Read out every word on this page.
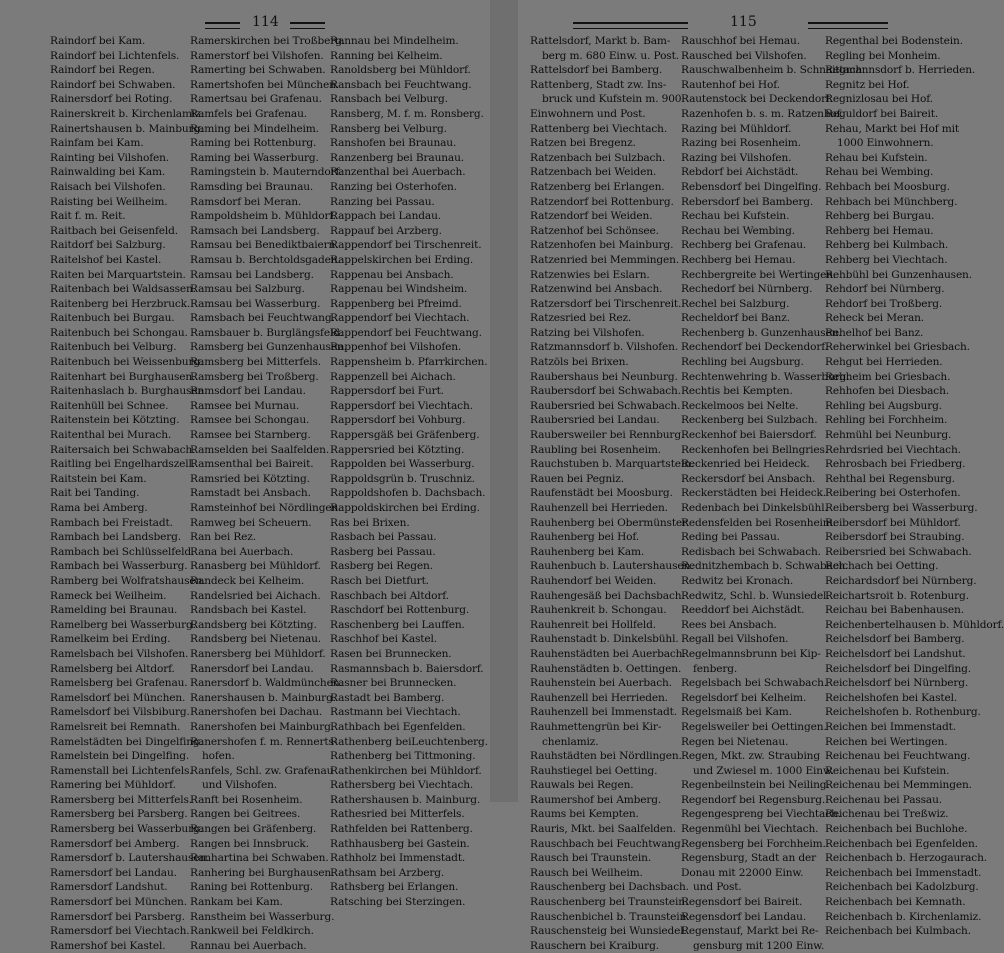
114
Raindorf bei Kam.
Raindorf bei Lichtenfels.
Raindorf bei Regen.
Raindorf bei Schwaben.
Rainersdorf bei Roting.
Rainerskreit b. Kirchenlamiz.
Rainertshausen b. Mainburg.
Rainfam bei Kam.
Rainting bei Vilshofen.
Rainwalding bei Kam.
Raisach bei Vilshofen.
Raisting bei Weilheim.
Rait f. m. Reit.
Raitbach bei Geisenfeld.
Raitdorf bei Salzburg.
Raitelshof bei Kastel.
Raiten bei Marquartstein.
Raitenbach bei Waldsassen.
Raitenberg bei Herzbruck.
Raitenbuch bei Burgau.
Raitenbuch bei Schongau.
Raitenbuch bei Velburg.
Raitenbuch bei Weissenburg.
Raitenhart bei Burghausen.
Raitenhaslach b. Burghausen.
Raitenhüll bei Schnee.
Raitenstein bei Kötzting.
Raitenthal bei Murach.
Raitersaich bei Schwabach.
Raitling bei Engelhardszell.
Raitstein bei Kam.
Rait bei Tanding.
Rama bei Amberg.
Rambach bei Freistadt.
Rambach bei Landsberg.
Rambach bei Schlüsselfeld.
Rambach bei Wasserburg.
Ramberg bei Wolfratshausen.
Rameck bei Weilheim.
Ramelding bei Braunau.
Ramelberg bei Wasserburg.
Ramelkeim bei Erding.
Ramelsbach bei Vilshofen.
Ramelsberg bei Altdorf.
Ramelsberg bei Grafenau.
Ramelsdorf bei München.
Ramelsdorf bei Vilsbiburg.
Ramelsreit bei Remnath.
Ramelstädten bei Dingelfing.
Ramelstein bei Dingelfing.
Ramenstall bei Lichtenfels.
Ramering bei Mühldorf.
Ramersberg bei Mitterfels.
Ramersberg bei Parsberg.
Ramersberg bei Wasserburg.
Ramersdorf bei Amberg.
Ramersdorf b. Lautershausen.
Ramersdorf bei Landau.
Ramersdorf Landshut.
Ramersdorf bei München.
Ramersdorf bei Parsberg.
Ramersdorf bei Viechtach.
Ramershof bei Kastel.
Ramerskirchen bei Troßberg.
Ramerstorf bei Vilshofen.
Ramerting bei Schwaben.
Ramertshofen bei München.
Ramertsau bei Grafenau.
Ramfels bei Grafenau.
Raming bei Mindelheim.
Raming bei Rottenburg.
Raming bei Wasserburg.
Ramingstein b. Mauterndorf.
Ramsding bei Braunau.
Ramsdorf bei Meran.
Rampoldsheim b. Mühldorf.
Ramsach bei Landsberg.
Ramsau bei Benediktbaiern.
Ramsau b. Berchtoldsgaden.
Ramsau bei Landsberg.
Ramsau bei Salzburg.
Ramsau bei Wasserburg.
Ramsbach bei Feuchtwang.
Ramsbauer b. Burglängsfeld.
Ramsberg bei Gunzenhausen.
Ramsberg bei Mitterfels.
Ramsberg bei Troßberg.
Ramsdorf bei Landau.
Ramsee bei Murnau.
Ramsee bei Schongau.
Ramsee bei Starnberg.
Ramselden bei Saalfelden.
Ramsenthal bei Baireit.
Ramsried bei Kötzting.
Ramstadt bei Ansbach.
Ramsteinhof bei Nördlingen.
Ramweg bei Scheuern.
Ran bei Rez.
Rana bei Auerbach.
Ranasberg bei Mühldorf.
Randeck bei Kelheim.
Randelsried bei Aichach.
Randsbach bei Kastel.
Randsberg bei Kötzting.
Randsberg bei Nietenau.
Ranersberg bei Mühldorf.
Ranersdorf bei Landau.
Ranersdorf b. Waldmünchen.
Ranershausen b. Mainburg.
Ranershofen bei Dachau.
Ranershofen bei Mainburg.
Ranershofen f. m. Rennerts-
hofen.
Ranfels, Schl. zw. Grafenau
und Vilshofen.
Ranft bei Rosenheim.
Rangen bei Geitrees.
Rangen bei Gräfenberg.
Rangen bei Innsbruck.
Ranhartina bei Schwaben.
Ranhering bei Burghausen.
Raning bei Rottenburg.
Rankam bei Kam.
Ranstheim bei Wasserburg.
Rankweil bei Feldkirch.
Rannau bei Auerbach.
Rannau bei Mindelheim.
Ranning bei Kelheim.
Ranoldsberg bei Mühldorf.
Ransbach bei Feuchtwang.
Ransbach bei Velburg.
Ransberg, M. f. m. Ronsberg.
Ransberg bei Velburg.
Ranshofen bei Braunau.
Ranzenberg bei Braunau.
Ranzenthal bei Auerbach.
Ranzing bei Osterhofen.
Ranzing bei Passau.
Rappach bei Landau.
Rappauf bei Arzberg.
Rappendorf bei Tirschenreit.
Rappelskirchen bei Erding.
Rappenau bei Ansbach.
Rappenau bei Windsheim.
Rappenberg bei Pfreimd.
Rappendorf bei Viechtach.
Rappendorf bei Feuchtwang.
Rappenhof bei Vilshofen.
Rappensheim b. Pfarrkirchen.
Rappenzell bei Aichach.
Rappersdorf bei Furt.
Rappersdorf bei Viechtach.
Rappersdorf bei Vohburg.
Rappersgäß bei Gräfenberg.
Rappersried bei Kötzting.
Rappolden bei Wasserburg.
Rappoldsgrün b. Truschniz.
Rappoldshofen b. Dachsbach.
Rappoldskirchen bei Erding.
Ras bei Brixen.
Rasbach bei Passau.
Rasberg bei Passau.
Rasberg bei Regen.
Rasch bei Dietfurt.
Raschbach bei Altdorf.
Raschdorf bei Rottenburg.
Raschenberg bei Lauffen.
Raschhof bei Kastel.
Rasen bei Brunnecken.
Rasmannsbach b. Baiersdorf.
Rasner bei Brunnecken.
Rastadt bei Bamberg.
Rastmann bei Viechtach.
Rathbach bei Egenfelden.
Rathenberg beiLeuchtenberg.
Rathenberg bei Tittmoning.
Rathenkirchen bei Mühldorf.
Rathersberg bei Viechtach.
Rathershausen b. Mainburg.
Rathesried bei Mitterfels.
Rathfelden bei Rattenberg.
Rathhausberg bei Gastein.
Rathholz bei Immenstadt.
Rathsam bei Arzberg.
Rathsberg bei Erlangen.
Ratsching bei Sterzingen.
115
Rattelsdorf, Markt b. Bam-
berg m. 680 Einw. u. Post.
Rattelsdorf bei Bamberg.
Rattenberg, Stadt zw. Ins-
bruck und Kufstein m. 900
Einwohnern und Post.
Rattenberg bei Viechtach.
Ratzen bei Bregenz.
Ratzenbach bei Sulzbach.
Ratzenbach bei Weiden.
Ratzenberg bei Erlangen.
Ratzendorf bei Rottenburg.
Ratzendorf bei Weiden.
Ratzenhof bei Schönsee.
Ratzenhofen bei Mainburg.
Ratzenried bei Memmingen.
Ratzenwies bei Eslarn.
Ratzenwind bei Ansbach.
Ratzersdorf bei Tirschenreit.
Ratzesried bei Rez.
Ratzing bei Vilshofen.
Ratzmannsdorf b. Vilshofen.
Ratzöls bei Brixen.
Raubershaus bei Neunburg.
Raubersdorf bei Schwabach.
Raubersried bei Schwabach.
Raubersried bei Landau.
Raubersweiler bei Rennburg.
Raubling bei Rosenheim.
Rauchstuben b. Marquartstein.
Rauen bei Pegniz.
Raufenstädt bei Moosburg.
Rauhenzell bei Herrieden.
Rauhenberg bei Obermünster.
Rauhenberg bei Hof.
Rauhenberg bei Kam.
Rauhenbuch b. Lautershausen.
Rauhendorf bei Weiden.
Rauhengesäß bei Dachsbach.
Rauhenkreit b. Schongau.
Rauhenreit bei Hollfeld.
Rauhenstadt b. Dinkelsbühl.
Rauhenstädten bei Auerbach.
Rauhenstädten b. Oettingen.
Rauhenstein bei Auerbach.
Rauhenzell bei Herrieden.
Rauhenzell bei Immenstadt.
Rauhmettengrün bei Kir-
chenlamiz.
Rauhstädten bei Nördlingen.
Rauhstiegel bei Oetting.
Rauwals bei Regen.
Raumershof bei Amberg.
Raums bei Kempten.
Rauris, Mkt. bei Saalfelden.
Rauschbach bei Feuchtwang.
Rausch bei Traunstein.
Rausch bei Weilheim.
Rauschenberg bei Dachsbach.
Rauschenberg bei Traunstein.
Rauschenbichel b. Traunstein.
Rauschensteig bei Wunsiedel.
Rauschern bei Kraiburg.
Rauschhof bei Hemau.
Rausched bei Vilshofen.
Rauschwalbenheim b. Schnaittach.
Rautenhof bei Hof.
Rautenstock bei Deckendorf.
Razenhofen b. s. m. Ratzenhof.
Razing bei Mühldorf.
Razing bei Rosenheim.
Razing bei Vilshofen.
Rebdorf bei Aichstädt.
Rebensdorf bei Dingelfing.
Rebersdorf bei Bamberg.
Rechau bei Kufstein.
Rechau bei Wembing.
Rechberg bei Grafenau.
Rechberg bei Hemau.
Rechbergreite bei Wertingen.
Rechedorf bei Nürnberg.
Rechel bei Salzburg.
Recheldorf bei Banz.
Rechenberg b. Gunzenhausen.
Rechendorf bei Deckendorf.
Rechling bei Augsburg.
Rechtenwehring b. Wasserburg.
Rechtis bei Kempten.
Reckelmoos bei Nelte.
Reckenberg bei Sulzbach.
Reckenhof bei Baiersdorf.
Reckenhofen bei Bellngries.
Reckenried bei Heideck.
Reckersdorf bei Ansbach.
Reckerstädten bei Heideck.
Redenbach bei Dinkelsbühl.
Redensfelden bei Rosenheim.
Reding bei Passau.
Redisbach bei Schwabach.
Rednitzhembach b. Schwabach.
Redwitz bei Kronach.
Redwitz, Schl. b. Wunsiedel.
Reeddorf bei Aichstädt.
Rees bei Ansbach.
Regall bei Vilshofen.
Regelmannsbrunn bei Kip-
fenberg.
Regelsbach bei Schwabach.
Regelsdorf bei Kelheim.
Regelsmaiß bei Kam.
Regelsweiler bei Oettingen.
Regen bei Nietenau.
Regen, Mkt. zw. Straubing
und Zwiesel m. 1000 Einw.
Regenbeilnstein bei Neiling.
Regendorf bei Regensburg.
Regengespreng bei Viechtach.
Regenmühl bei Viechtach.
Regensberg bei Forchheim.
Regensburg, Stadt an der
Donau mit 22000 Einw.
und Post.
Regensdorf bei Baireit.
Regensdorf bei Landau.
Regenstauf, Markt bei Re-
gensburg mit 1200 Einw.
Regenthal bei Bodenstein.
Regling bei Monheim.
Regmannsdorf b. Herrieden.
Regnitz bei Hof.
Regnizlosau bei Hof.
Reguldorf bei Baireit.
Rehau, Markt bei Hof mit
1000 Einwohnern.
Rehau bei Kufstein.
Rehau bei Wembing.
Rehbach bei Moosburg.
Rehbach bei Münchberg.
Rehberg bei Burgau.
Rehberg bei Hemau.
Rehberg bei Kulmbach.
Rehberg bei Viechtach.
Rehbühl bei Gunzenhausen.
Rehdorf bei Nürnberg.
Rehdorf bei Troßberg.
Reheck bei Meran.
Rehelhof bei Banz.
Reherwinkel bei Griesbach.
Rehgut bei Herrieden.
Rehheim bei Griesbach.
Rehhofen bei Diesbach.
Rehling bei Augsburg.
Rehling bei Forchheim.
Rehmühl bei Neunburg.
Rehrdsried bei Viechtach.
Rehrosbach bei Friedberg.
Rehthal bei Regensburg.
Reibering bei Osterhofen.
Reibersberg bei Wasserburg.
Reibersdorf bei Mühldorf.
Reibersdorf bei Straubing.
Reibersried bei Schwabach.
Reichach bei Oetting.
Reichardsdorf bei Nürnberg.
Reichartsroit b. Rotenburg.
Reichau bei Babenhausen.
Reichenbertelhausen b. Mühldorf.
Reichelsdorf bei Bamberg.
Reichelsdorf bei Landshut.
Reichelsdorf bei Dingelfing.
Reichelsdorf bei Nürnberg.
Reichelshofen bei Kastel.
Reichelshofen b. Rothenburg.
Reichen bei Immenstadt.
Reichen bei Wertingen.
Reichenau bei Feuchtwang.
Reichenau bei Kufstein.
Reichenau bei Memmingen.
Reichenau bei Passau.
Reichenau bei Treßwiz.
Reichenbach bei Buchlohe.
Reichenbach bei Egenfelden.
Reichenbach b. Herzogaurach.
Reichenbach bei Immenstadt.
Reichenbach bei Kadolzburg.
Reichenbach bei Kemnath.
Reichenbach b. Kirchenlamiz.
Reichenbach bei Kulmbach.
